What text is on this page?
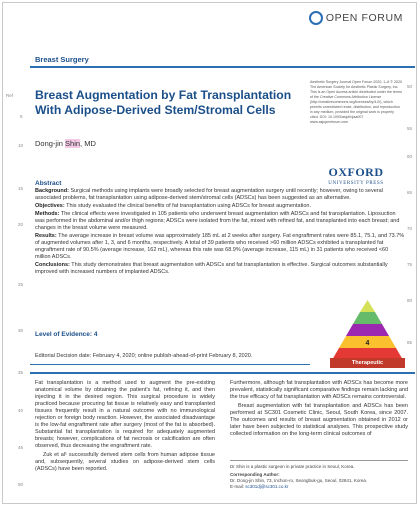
OPEN FORUM
Breast Surgery
Ref
5
10
15
20
25
30
35
40
45
50
50
55
60
65
70
75
80
85
Breast Augmentation by Fat Transplantation With Adipose-Derived Stem/Stromal Cells
Dong-jin Shin, MD
Aesthetic Surgery Journal Open Forum 2020, 1–6 © 2020 The American Society for Aesthetic Plastic Surgery, Inc. This is an Open Access article distributed under the terms of the Creative Commons Attribution License (http://creativecommons.org/licenses/by/4.0/), which permits unrestricted reuse, distribution, and reproduction in any medium, provided the original work is properly cited. DOI: 10.1093/asjof/ojaa007 www.asjopenforum.com
OXFORD
UNIVERSITY PRESS
Abstract

Background: Surgical methods using implants were broadly selected for breast augmentation surgery until recently; however, owing to several associated problems, fat transplantation using adipose-derived stem/stromal cells (ADSCs) has been suggested as an alternative.

Objectives: This study evaluated the clinical benefits of fat transplantation using ADSCs for breast augmentation.

Methods: The clinical effects were investigated in 105 patients who underwent breast augmentation with ADSCs and fat transplantation. Liposuction was performed in the abdominal and/or thigh regions; ADSCs were isolated from the fat, mixed with refined fat, and transplanted into each breast; and changes in the breast volume were measured.

Results: The average increase in breast volume was approximately 185 mL at 2 weeks after surgery. Fat engraftment rates were 85.1, 75.1, and 73.7% of augmented volumes after 1, 3, and 6 months, respectively. A total of 39 patients who received >60 million ADSCs exhibited a transplanted fat engraftment rate of 90.5% (average increase, 162 mL), whereas this rate was 68.9% (average increase, 115 mL) in 31 patients who received <60 million ADSCs.

Conclusions: This study demonstrates that breast augmentation with ADSCs and fat transplantation is effective. Surgical outcomes substantially improved with increased numbers of implanted ADSCs.

Level of Evidence: 4
4
Therapeutic
Editorial Decision date: February 4, 2020; online publish-ahead-of-print February 8, 2020.

Fat transplantation is a method used to augment the pre-existing anatomical volume by obtaining the patient's fat, refining it, and then injecting it in the desired region. This surgical procedure is widely practiced because procuring fat tissue is relatively easy and transplanted tissues frequently result in a natural outcome with no immunological rejection or foreign body reaction. However, the associated disadvantage is the low-fat engraftment rate after surgery (most of the fat is absorbed). Substantial fat transplantation is required for adequately augmented breasts; however, complications of fat necrosis or calcification are often observed, thus decreasing the engraftment rate.

Zuk et al¹ successfully derived stem cells from human adipose tissue and, subsequently, several studies on adipose-derived stem cells (ADSCs) have been reported.

Furthermore, although fat transplantation with ADSCs has become more prevalent, statistically significant comparative findings remain lacking and the true efficacy of fat transplantation with ADSCs remains controversial.

Breast augmentation with fat transplantation and ADSCs has been performed at SC301 Cosmetic Clinic, Seoul, South Korea, since 2007. The outcomes and results of breast augmentation obtained in 2012 or later have been subjected to statistical analyses. This prospective study collected information on the long-term clinical outcomes of

Dr Shin is a plastic surgeon in private practice in Seoul, Korea.
Corresponding Author:
Dr. Dong-jin Shin, 73, Inchon-ro, Seongbuk-gu, Seoul, 02841, Korea.
E-mail: sc301dj@sc301.co.kr
